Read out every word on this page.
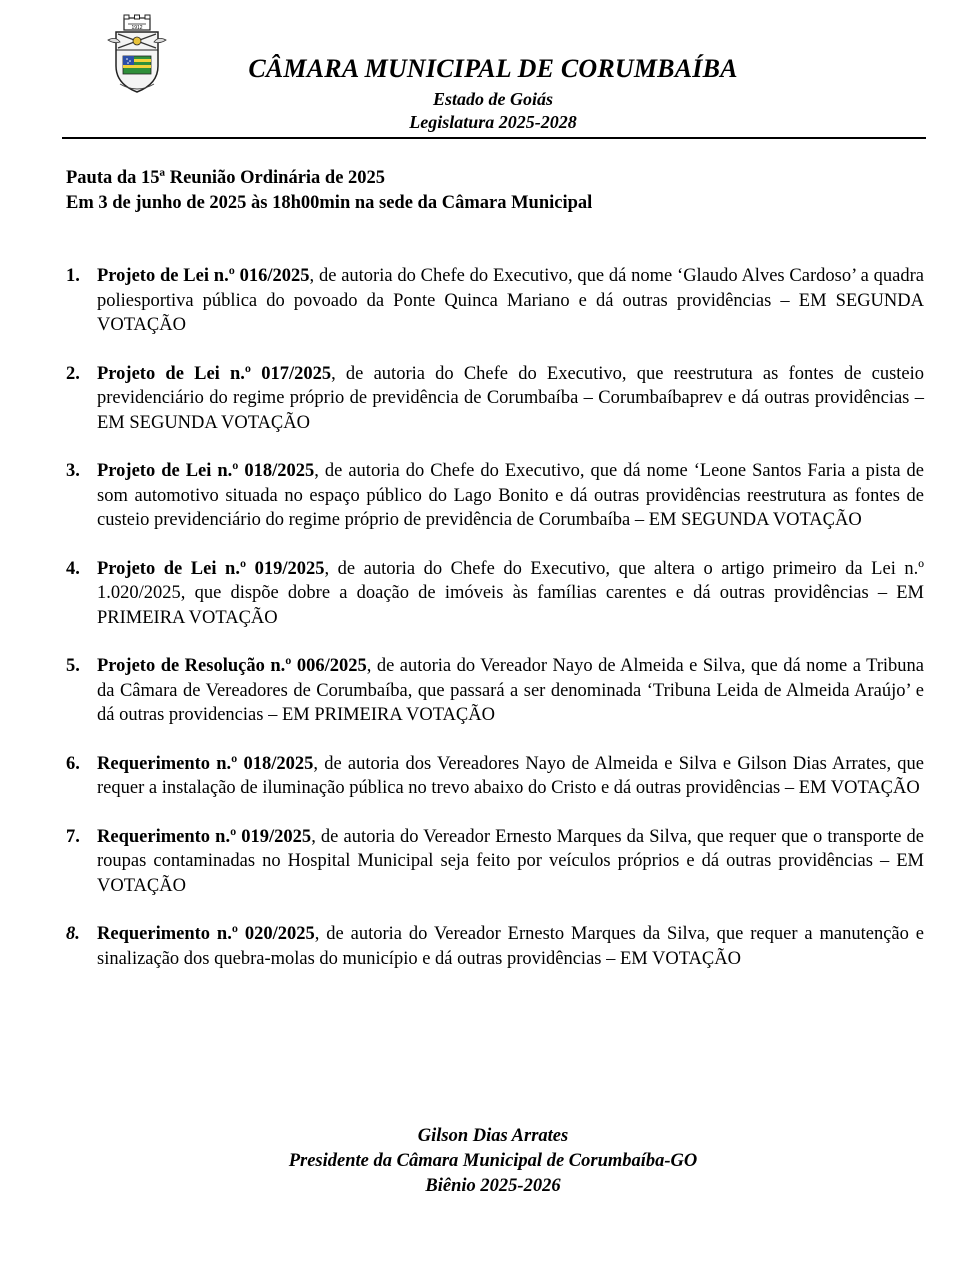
1912
CÂMARA MUNICIPAL DE CORUMBAÍBA
Estado de Goiás
Legislatura 2025-2028
Pauta da 15ª Reunião Ordinária de 2025
Em 3 de junho de 2025 às 18h00min na sede da Câmara Municipal
1. Projeto de Lei n.º 016/2025, de autoria do Chefe do Executivo, que dá nome ‘Glaudo Alves Cardoso’ a quadra poliesportiva pública do povoado da Ponte Quinca Mariano e dá outras providências – EM SEGUNDA VOTAÇÃO
2. Projeto de Lei n.º 017/2025, de autoria do Chefe do Executivo, que reestrutura as fontes de custeio previdenciário do regime próprio de previdência de Corumbaíba – Corumbaíbaprev e dá outras providências – EM SEGUNDA VOTAÇÃO
3. Projeto de Lei n.º 018/2025, de autoria do Chefe do Executivo, que dá nome ‘Leone Santos Faria a pista de som automotivo situada no espaço público do Lago Bonito e dá outras providências reestrutura as fontes de custeio previdenciário do regime próprio de previdência de Corumbaíba – EM SEGUNDA VOTAÇÃO
4. Projeto de Lei n.º 019/2025, de autoria do Chefe do Executivo, que altera o artigo primeiro da Lei n.º 1.020/2025, que dispõe dobre a doação de imóveis às famílias carentes e dá outras providências – EM PRIMEIRA VOTAÇÃO
5. Projeto de Resolução n.º 006/2025, de autoria do Vereador Nayo de Almeida e Silva, que dá nome a Tribuna da Câmara de Vereadores de Corumbaíba, que passará a ser denominada ‘Tribuna Leida de Almeida Araújo’ e dá outras providencias – EM PRIMEIRA VOTAÇÃO
6. Requerimento n.º 018/2025, de autoria dos Vereadores Nayo de Almeida e Silva e Gilson Dias Arrates, que requer a instalação de iluminação pública no trevo abaixo do Cristo e dá outras providências – EM VOTAÇÃO
7. Requerimento n.º 019/2025, de autoria do Vereador Ernesto Marques da Silva, que requer que o transporte de roupas contaminadas no Hospital Municipal seja feito por veículos próprios e dá outras providências – EM VOTAÇÃO
8. Requerimento n.º 020/2025, de autoria do Vereador Ernesto Marques da Silva, que requer a manutenção e sinalização dos quebra-molas do município e dá outras providências – EM VOTAÇÃO
Gilson Dias Arrates
Presidente da Câmara Municipal de Corumbaíba-GO
Biênio 2025-2026
